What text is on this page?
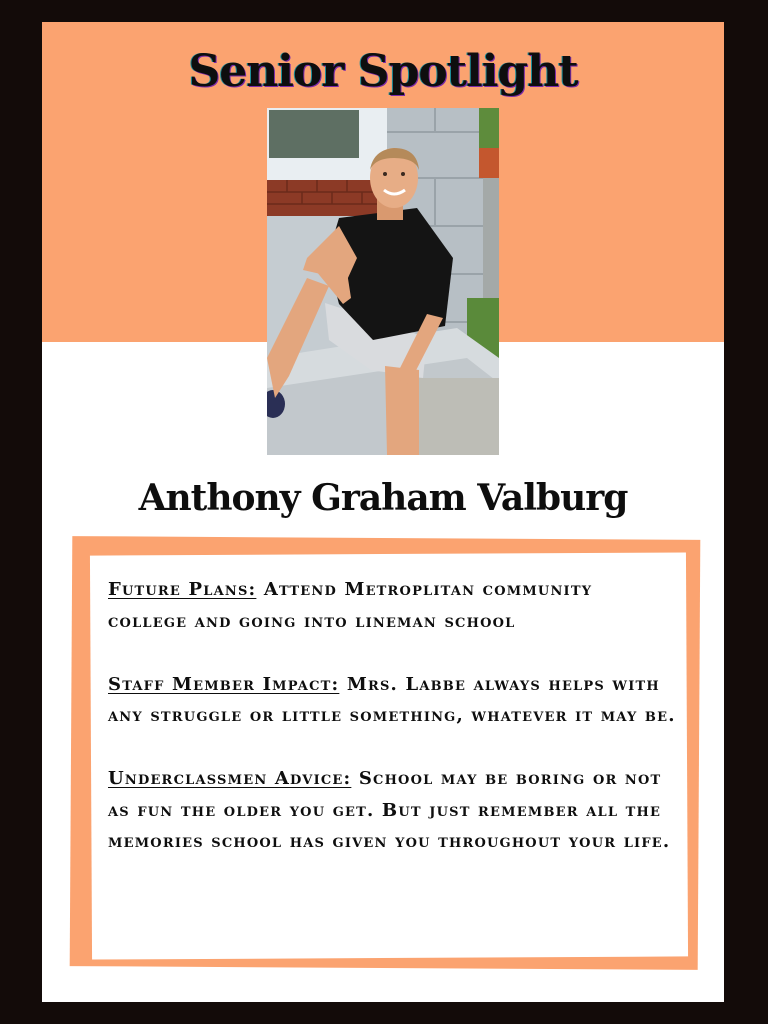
Senior Spotlight
Anthony Graham Valburg

Future Plans: Attend Metroplitan community college and going into lineman school

Staff Member Impact: Mrs. Labbe always helps with any struggle or little something, whatever it may be.

Underclassmen Advice: School may be boring or not as fun the older you get. But just remember all the memories school has given you throughout your life.
